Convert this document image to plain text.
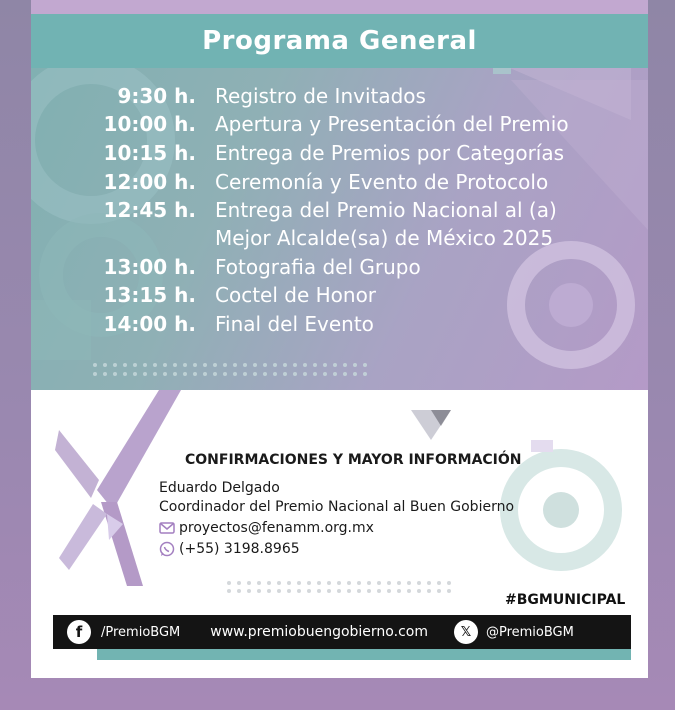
Programa General
9:30 h. Registro de Invitados
10:00 h. Apertura y Presentación del Premio
10:15 h. Entrega de Premios por Categorías
12:00 h. Ceremonía y Evento de Protocolo
12:45 h. Entrega del Premio Nacional al (a)
Mejor Alcalde(sa) de México 2025
13:00 h. Fotografia del Grupo
13:15 h. Coctel de Honor
14:00 h. Final del Evento
CONFIRMACIONES Y MAYOR INFORMACIÓN
Eduardo Delgado
Coordinador del Premio Nacional al Buen Gobierno
proyectos@fenamm.org.mx
(+55) 3198.8965
#BGMUNICIPAL
f	/PremioBGM www.premiobuengobierno.com	𝕏	@PremioBGM
